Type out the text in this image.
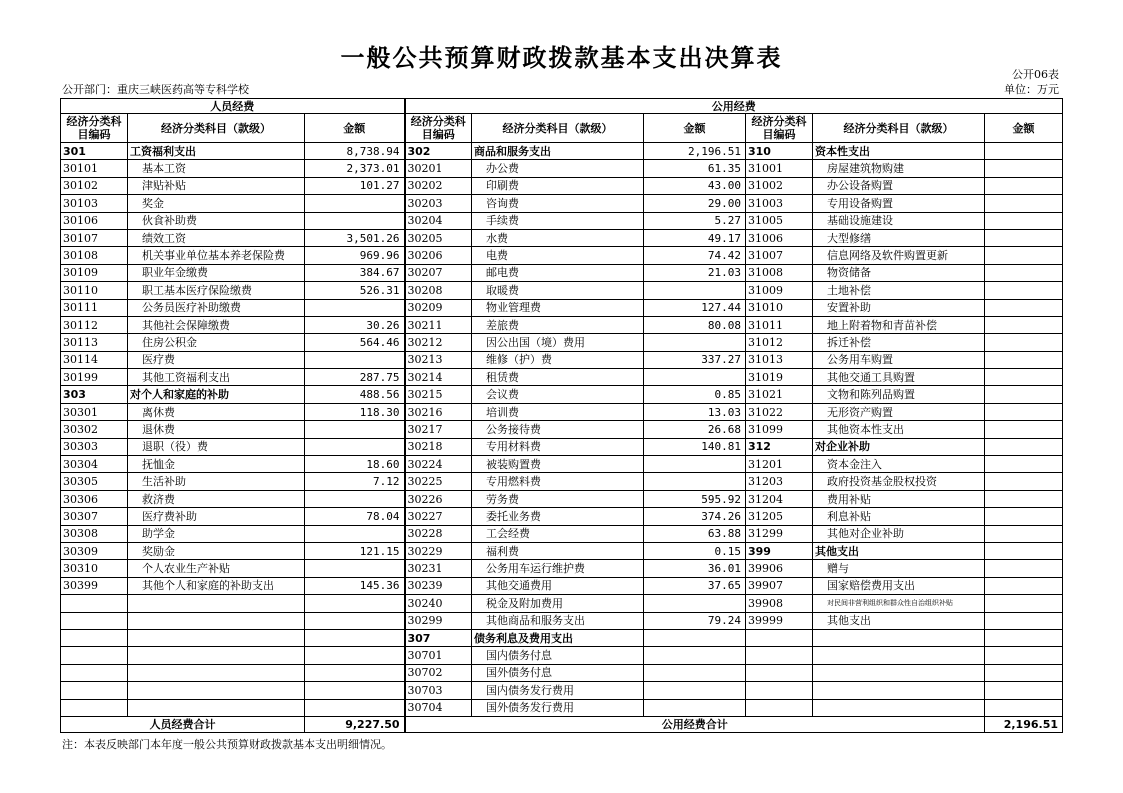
一般公共预算财政拨款基本支出决算表
公开06表
公开部门：重庆三峡医药高等专科学校	单位：万元
人员经费			公用经费					
经济分类科目编码	经济分类科目（款级）	金额	经济分类科目编码	经济分类科目（款级）	金额	经济分类科目编码	经济分类科目（款级）	金额
301	工资福利支出	8,738.94	302	商品和服务支出	2,196.51	310	资本性支出	
30101	基本工资	2,373.01	30201	办公费	61.35	31001	房屋建筑物购建	
30102	津贴补贴	101.27	30202	印刷费	43.00	31002	办公设备购置	
30103	奖金		30203	咨询费	29.00	31003	专用设备购置	
30106	伙食补助费		30204	手续费	5.27	31005	基础设施建设	
30107	绩效工资	3,501.26	30205	水费	49.17	31006	大型修缮	
30108	机关事业单位基本养老保险费	969.96	30206	电费	74.42	31007	信息网络及软件购置更新	
30109	职业年金缴费	384.67	30207	邮电费	21.03	31008	物资储备	
30110	职工基本医疗保险缴费	526.31	30208	取暖费		31009	土地补偿	
30111	公务员医疗补助缴费		30209	物业管理费	127.44	31010	安置补助	
30112	其他社会保障缴费	30.26	30211	差旅费	80.08	31011	地上附着物和青苗补偿	
30113	住房公积金	564.46	30212	因公出国（境）费用		31012	拆迁补偿	
30114	医疗费		30213	维修（护）费	337.27	31013	公务用车购置	
30199	其他工资福利支出	287.75	30214	租赁费		31019	其他交通工具购置	
303	对个人和家庭的补助	488.56	30215	会议费	0.85	31021	文物和陈列品购置	
30301	离休费	118.30	30216	培训费	13.03	31022	无形资产购置	
30302	退休费		30217	公务接待费	26.68	31099	其他资本性支出	
30303	退职（役）费		30218	专用材料费	140.81	312	对企业补助	
30304	抚恤金	18.60	30224	被装购置费		31201	资本金注入	
30305	生活补助	7.12	30225	专用燃料费		31203	政府投资基金股权投资	
30306	救济费		30226	劳务费	595.92	31204	费用补贴	
30307	医疗费补助	78.04	30227	委托业务费	374.26	31205	利息补贴	
30308	助学金		30228	工会经费	63.88	31299	其他对企业补助	
30309	奖励金	121.15	30229	福利费	0.15	399	其他支出	
30310	个人农业生产补贴		30231	公务用车运行维护费	36.01	39906	赠与	
30399	其他个人和家庭的补助支出	145.36	30239	其他交通费用	37.65	39907	国家赔偿费用支出	
			30240	税金及附加费用		39908	对民间非营利组织和群众性自治组织补贴	
			30299	其他商品和服务支出	79.24	39999	其他支出	
			307	债务利息及费用支出				
			30701	国内债务付息				
			30702	国外债务付息				
			30703	国内债务发行费用				
			30704	国外债务发行费用				
人员经费合计		9,227.50	公用经费合计					2,196.51
注：本表反映部门本年度一般公共预算财政拨款基本支出明细情况。
